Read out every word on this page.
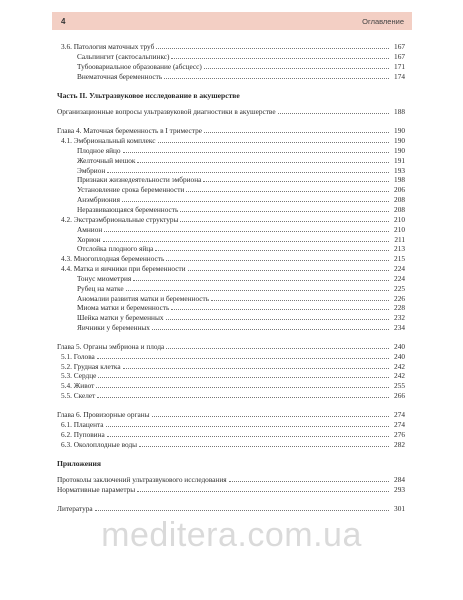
4	Оглавление
3.6. Патология маточных труб	167
Сальпингит (сактосальпинкс)	167
Тубоовариальное образование (абсцесс)	171
Внематочная беременность	174
Часть II. Ультразвуковое исследование в акушерстве
Организационные вопросы ультразвуковой диагностики в акушерстве	188
Глава 4. Маточная беременность в I триместре	190
4.1. Эмбриональный комплекс	190
Плодное яйцо	190
Желточный мешок	191
Эмбрион	193
Признаки жизнедеятельности эмбриона	198
Установление срока беременности	206
Анэмбриония	208
Неразвивающаяся беременность	208
4.2. Экстраэмбриональные структуры	210
Амнион	210
Хорион	211
Отслойка плодного яйца	213
4.3. Многоплодная беременность	215
4.4. Матка и яичники при беременности	224
Тонус миометрия	224
Рубец на матке	225
Аномалии развития матки и беременность	226
Миома матки и беременность	228
Шейка матки у беременных	232
Яичники у беременных	234
Глава 5. Органы эмбриона и плода	240
5.1. Голова	240
5.2. Грудная клетка	242
5.3. Сердце	242
5.4. Живот	255
5.5. Скелет	266
Глава 6. Провизорные органы	274
6.1. Плацента	274
6.2. Пуповина	276
6.3. Околоплодные воды	282
Приложения
Протоколы заключений ультразвукового исследования	284
Нормативные параметры	293
Литература	301
meditera.com.ua
